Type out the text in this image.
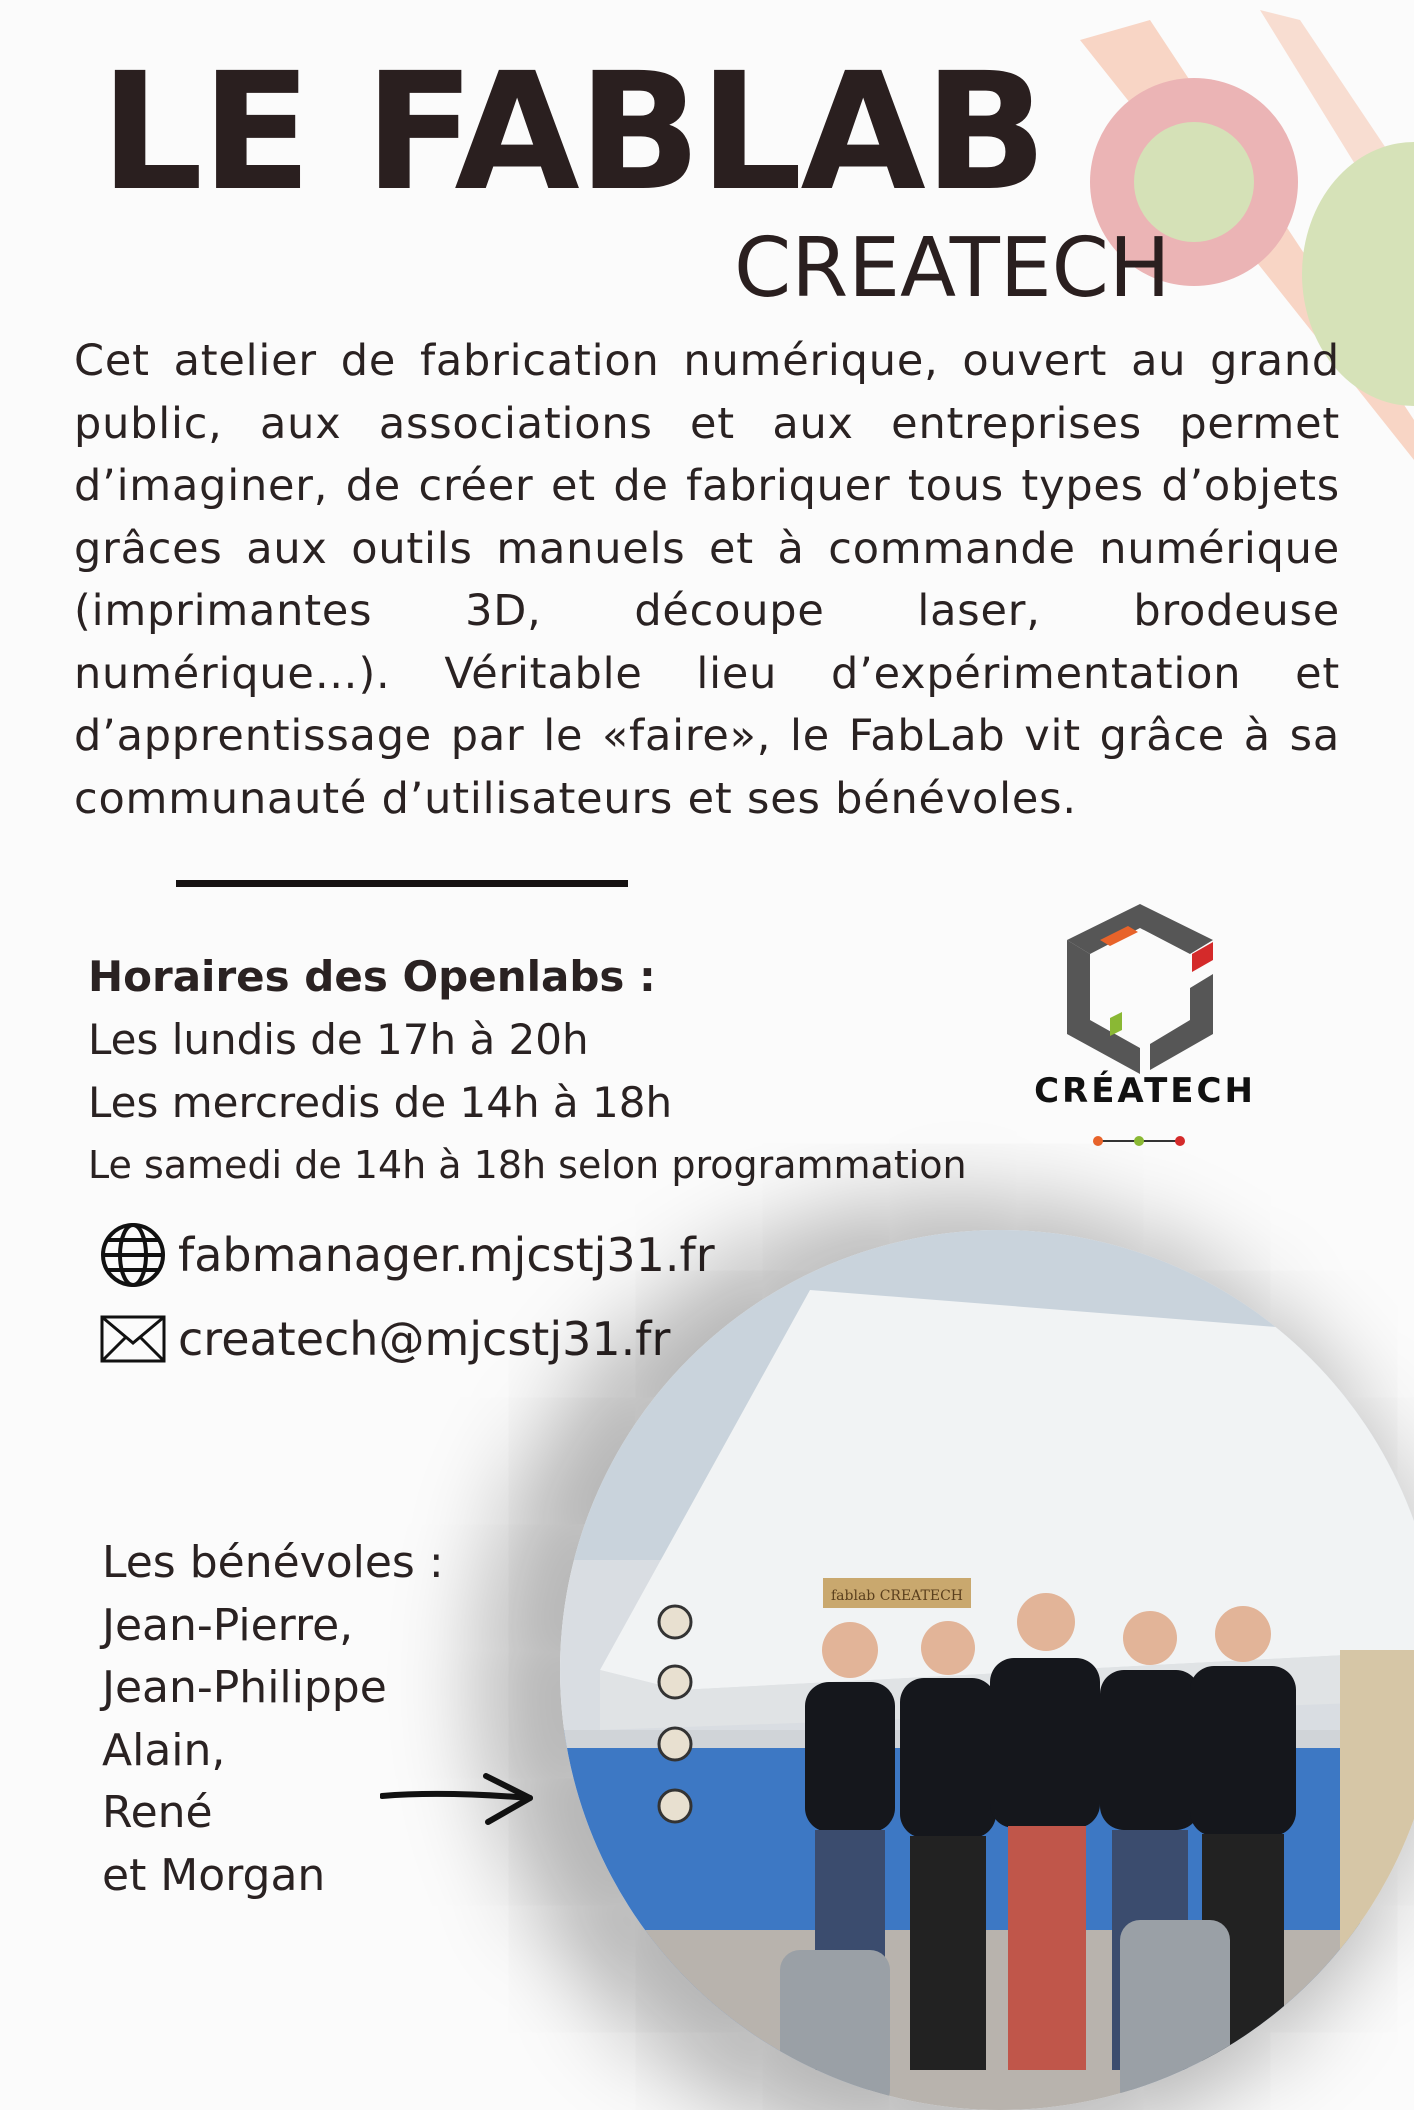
LE FABLAB
CREATECH
Cet atelier de fabrication numérique, ouvert au grand public, aux associations et aux entreprises permet d’imaginer, de créer et de fabriquer tous types d’objets grâces aux outils manuels et à commande numérique (imprimantes 3D, découpe laser, brodeuse numérique…). Véritable lieu d’expérimentation et d’apprentissage par le «faire», le FabLab vit grâce à sa communauté d’utilisateurs et ses bénévoles.
Horaires des Openlabs :
Les lundis de 17h à 20h
Les mercredis de 14h à 18h
Le samedi de 14h à 18h selon programmation
CRÉATECH
fabmanager.mjcstj31.fr
createch@mjcstj31.fr
fablab CREATECH
Les bénévoles :
Jean-Pierre,
Jean-Philippe
Alain,
René
et Morgan
